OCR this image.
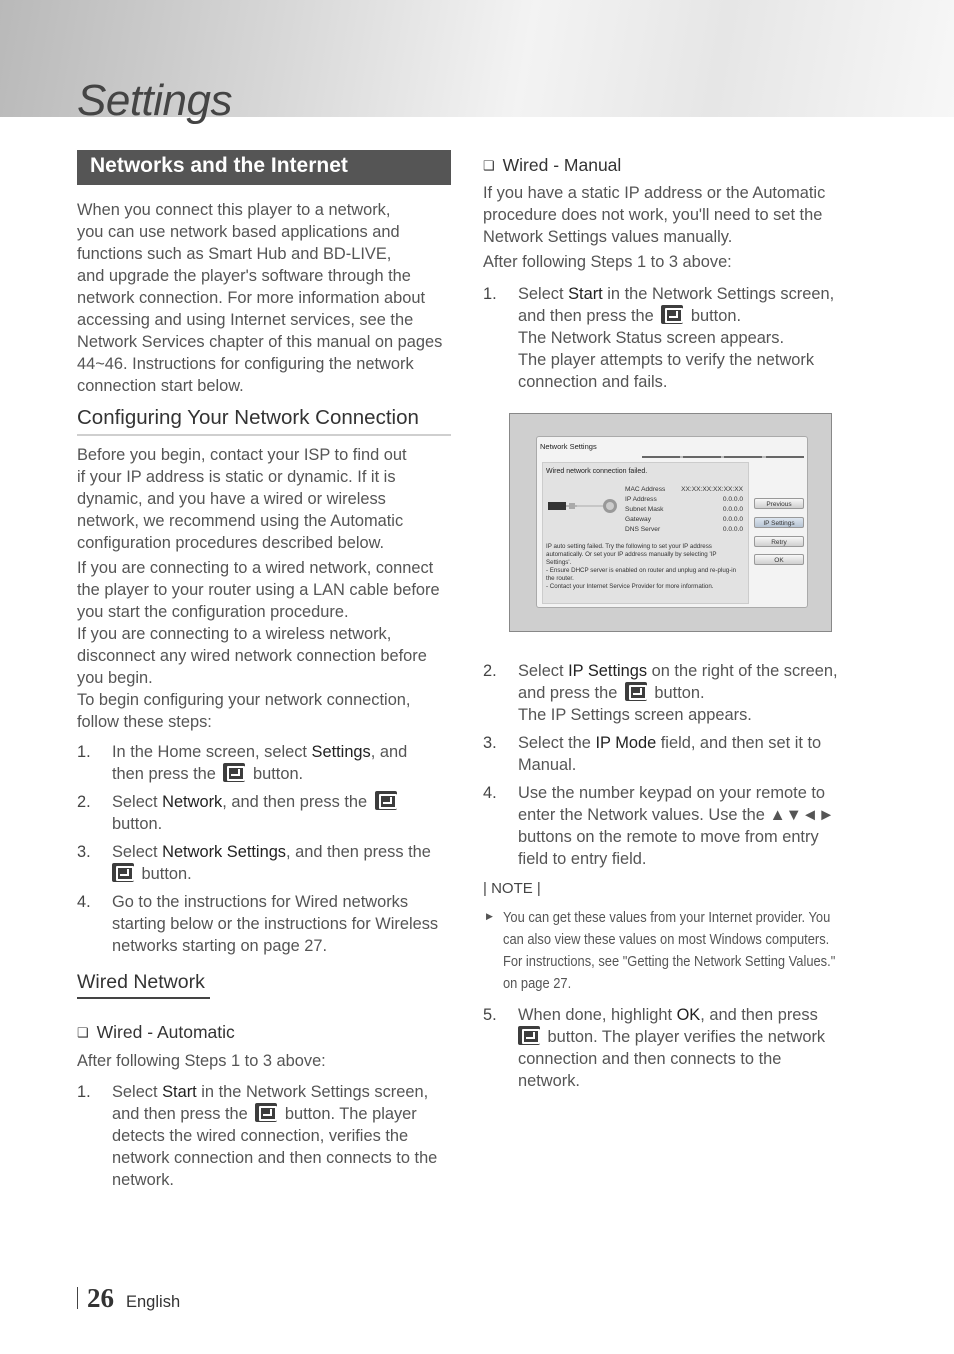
Settings
Networks and the Internet
When you connect this player to a network,
you can use network based applications and
functions such as Smart Hub and BD-LIVE,
and upgrade the player's software through the
network connection. For more information about
accessing and using Internet services, see the
Network Services chapter of this manual on pages
44~46. Instructions for configuring the network
connection start below.
Configuring Your Network Connection
Before you begin, contact your ISP to find out
if your IP address is static or dynamic. If it is
dynamic, and you have a wired or wireless
network, we recommend using the Automatic
configuration procedures described below.
If you are connecting to a wired network, connect
the player to your router using a LAN cable before
you start the configuration procedure.
If you are connecting to a wireless network,
disconnect any wired network connection before
you begin.
To begin configuring your network connection,
follow these steps:
1. In the Home screen, select Settings, and
then press the  button.
2. Select Network, and then press the
button.
3. Select Network Settings, and then press the
button.
4. Go to the instructions for Wired networks
starting below or the instructions for Wireless
networks starting on page 27.
Wired Network
❑ Wired - Automatic
After following Steps 1 to 3 above:
1. Select Start in the Network Settings screen,
and then press the  button. The player
detects the wired connection, verifies the
network connection and then connects to the
network.
❑ Wired - Manual
If you have a static IP address or the Automatic
procedure does not work, you'll need to set the
Network Settings values manually.
After following Steps 1 to 3 above:
1. Select Start in the Network Settings screen,
and then press the  button.
The Network Status screen appears.
The player attempts to verify the network
connection and fails.
Network Settings
Wired network connection failed.
MAC Address
IP Address
Subnet Mask
Gateway
DNS Server
XX:XX:XX:XX:XX:XX
0.0.0.0
0.0.0.0
0.0.0.0
0.0.0.0
IP auto setting failed. Try the following to set your IP address
automatically. Or set your IP address manually by selecting 'IP
Settings'.
- Ensure DHCP server is enabled on router and unplug and re-plug-in
the router.
- Contact your Internet Service Provider for more information.
Previous
IP Settings
Retry
OK
2. Select IP Settings on the right of the screen,
and press the  button.
The IP Settings screen appears.
3. Select the IP Mode field, and then set it to
Manual.
4. Use the number keypad on your remote to
enter the Network values. Use the ▲▼◄►
buttons on the remote to move from entry
field to entry field.
| NOTE |
▶ You can get these values from your Internet provider. You
can also view these values on most Windows computers.
For instructions, see "Getting the Network Setting Values."
on page 27.
5. When done, highlight OK, and then press
button. The player verifies the network
connection and then connects to the
network.
26 English
